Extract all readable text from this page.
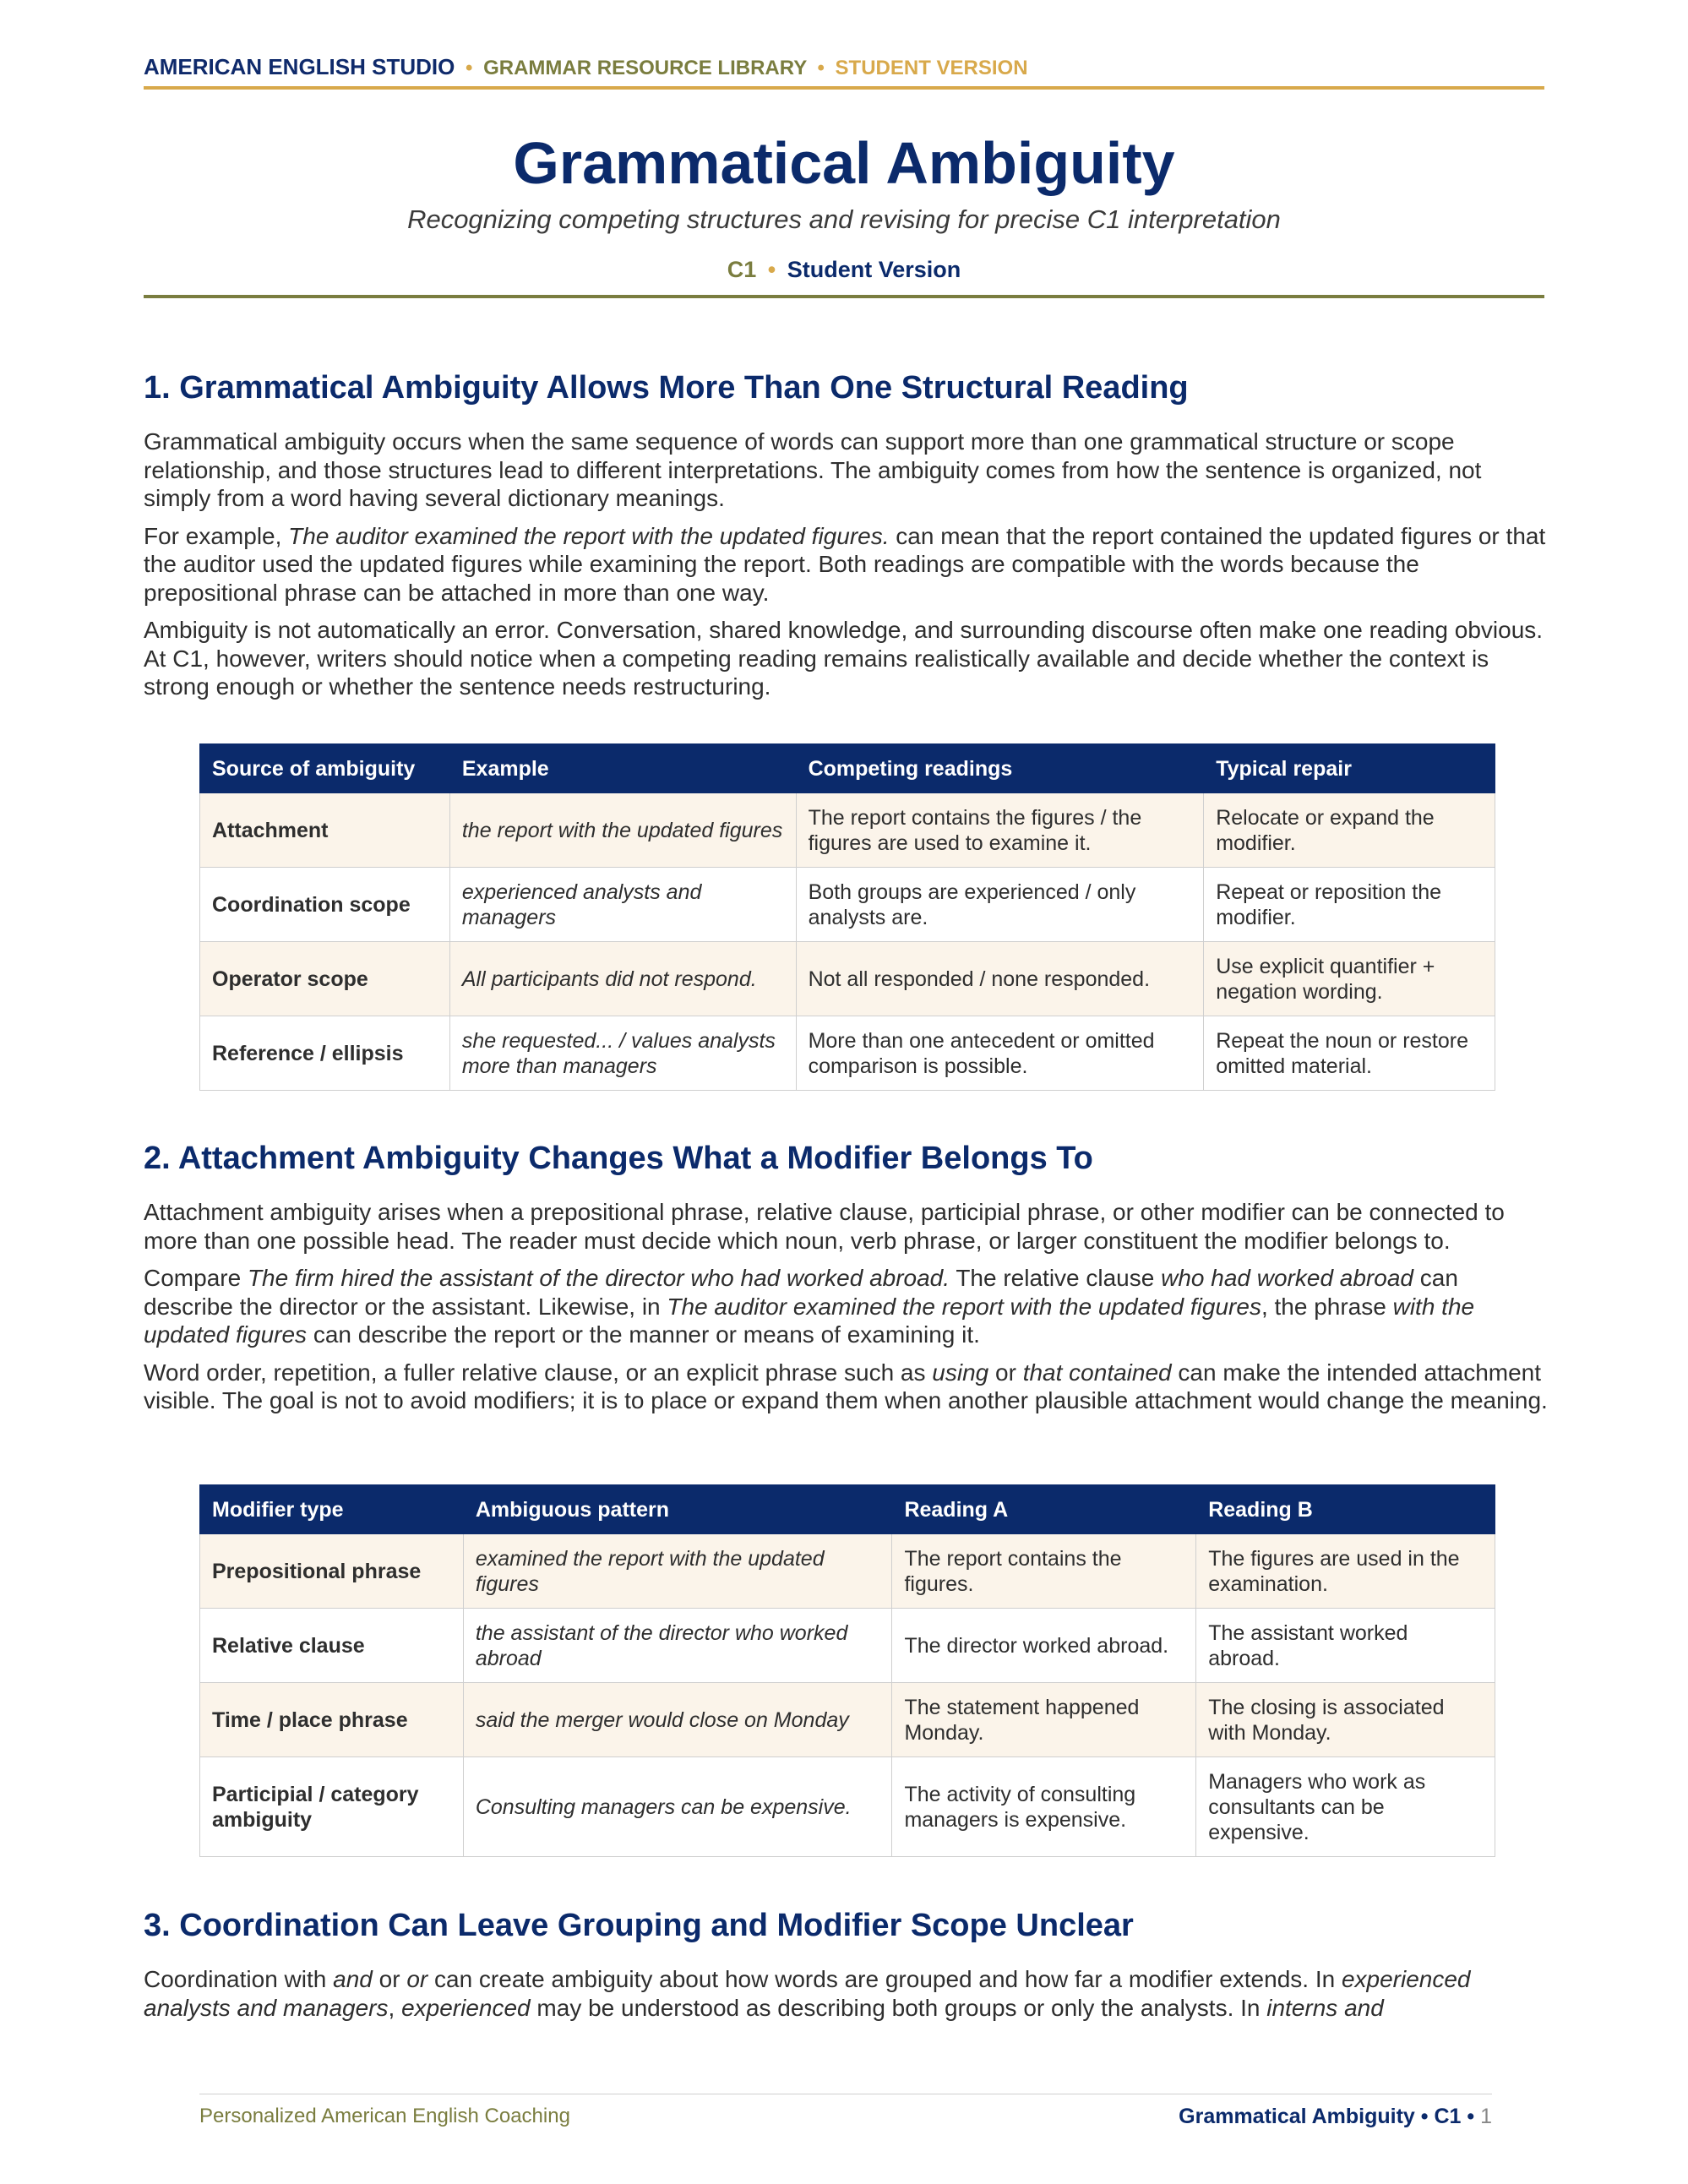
AMERICAN ENGLISH STUDIO • GRAMMAR RESOURCE LIBRARY • STUDENT VERSION
Grammatical Ambiguity
Recognizing competing structures and revising for precise C1 interpretation
C1 • Student Version
1. Grammatical Ambiguity Allows More Than One Structural Reading

Grammatical ambiguity occurs when the same sequence of words can support more than one grammatical structure or scope relationship, and those structures lead to different interpretations. The ambiguity comes from how the sentence is organized, not simply from a word having several dictionary meanings.

For example, The auditor examined the report with the updated figures. can mean that the report contained the updated figures or that the auditor used the updated figures while examining the report. Both readings are compatible with the words because the prepositional phrase can be attached in more than one way.

Ambiguity is not automatically an error. Conversation, shared knowledge, and surrounding discourse often make one reading obvious. At C1, however, writers should notice when a competing reading remains realistically available and decide whether the context is strong enough or whether the sentence needs restructuring.

Source of ambiguity	Example	Competing readings	Typical repair
Attachment	the report with the updated figures	The report contains the figures / the figures are used to examine it.	Relocate or expand the modifier.
Coordination scope	experienced analysts and managers	Both groups are experienced / only analysts are.	Repeat or reposition the modifier.
Operator scope	All participants did not respond.	Not all responded / none responded.	Use explicit quantifier + negation wording.
Reference / ellipsis	she requested... / values analysts more than managers	More than one antecedent or omitted comparison is possible.	Repeat the noun or restore omitted material.
2. Attachment Ambiguity Changes What a Modifier Belongs To

Attachment ambiguity arises when a prepositional phrase, relative clause, participial phrase, or other modifier can be connected to more than one possible head. The reader must decide which noun, verb phrase, or larger constituent the modifier belongs to.

Compare The firm hired the assistant of the director who had worked abroad. The relative clause who had worked abroad can describe the director or the assistant. Likewise, in The auditor examined the report with the updated figures, the phrase with the updated figures can describe the report or the manner or means of examining it.

Word order, repetition, a fuller relative clause, or an explicit phrase such as using or that contained can make the intended attachment visible. The goal is not to avoid modifiers; it is to place or expand them when another plausible attachment would change the meaning.

Modifier type	Ambiguous pattern	Reading A	Reading B
Prepositional phrase	examined the report with the updated figures	The report contains the figures.	The figures are used in the examination.
Relative clause	the assistant of the director who worked abroad	The director worked abroad.	The assistant worked abroad.
Time / place phrase	said the merger would close on Monday	The statement happened Monday.	The closing is associated with Monday.
Participial / category ambiguity	Consulting managers can be expensive.	The activity of consulting managers is expensive.	Managers who work as consultants can be expensive.
3. Coordination Can Leave Grouping and Modifier Scope Unclear

Coordination with and or or can create ambiguity about how words are grouped and how far a modifier extends. In experienced analysts and managers, experienced may be understood as describing both groups or only the analysts. In interns and

Personalized American English Coaching	Grammatical Ambiguity • C1 • 1
